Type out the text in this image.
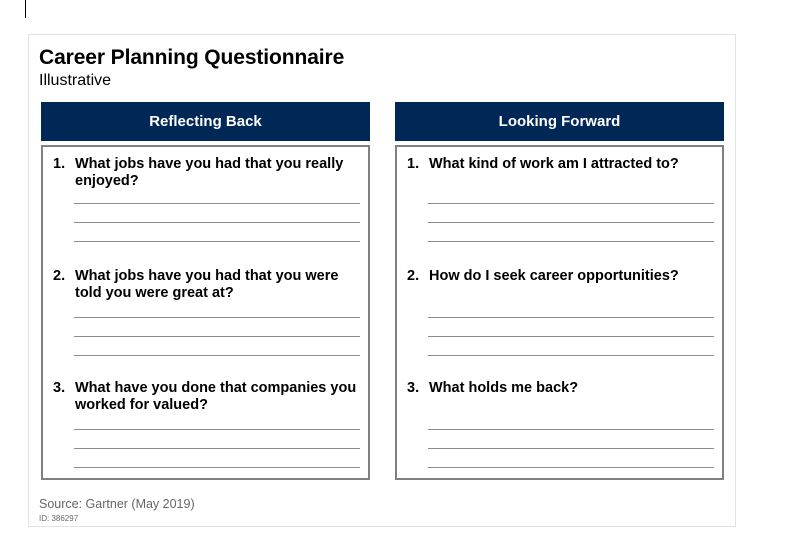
Career Planning Questionnaire
Illustrative
Reflecting Back
1. What jobs have you had that you really enjoyed?
2. What jobs have you had that you were told you were great at?
3. What have you done that companies you worked for valued?
Looking Forward
1. What kind of work am I attracted to?
2. How do I seek career opportunities?
3. What holds me back?
Source: Gartner (May 2019)
ID: 386297
